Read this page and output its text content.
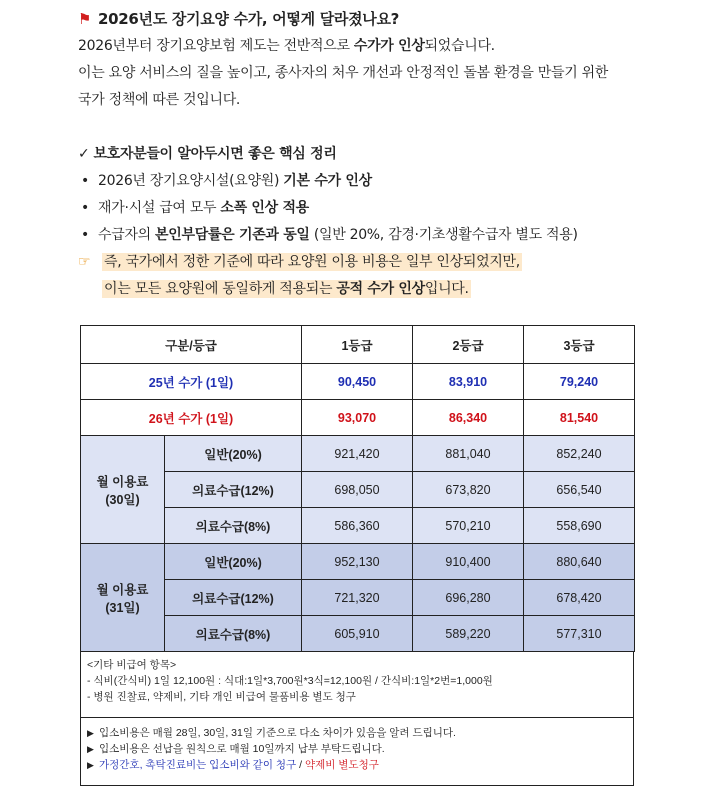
⚑ 2026년도 장기요양 수가, 어떻게 달라졌나요?
2026년부터 장기요양보험 제도는 전반적으로 수가가 인상되었습니다.
이는 요양 서비스의 질을 높이고, 종사자의 처우 개선과 안정적인 돌봄 환경을 만들기 위한
국가 정책에 따른 것입니다.
✓ 보호자분들이 알아두시면 좋은 핵심 정리
• 2026년 장기요양시설(요양원) 기본 수가 인상
• 재가·시설 급여 모두 소폭 인상 적용
• 수급자의 본인부담률은 기존과 동일 (일반 20%, 감경·기초생활수급자 별도 적용)
☞ 즉, 국가에서 정한 기준에 따라 요양원 이용 비용은 일부 인상되었지만,
이는 모든 요양원에 동일하게 적용되는 공적 수가 인상입니다.
구분/등급		1등급	2등급	3등급
25년 수가 (1일)		90,450	83,910	79,240
26년 수가 (1일)		93,070	86,340	81,540

월 이용료
(30일)	일반(20%)	921,420	881,040	852,240
	의료수급(12%)	698,050	673,820	656,540
	의료수급(8%)	586,360	570,210	558,690

월 이용료
(31일)	일반(20%)	952,130	910,400	880,640
	의료수급(12%)	721,320	696,280	678,420
	의료수급(8%)	605,910	589,220	577,310
<기타 비급여 항목>
- 식비(간식비) 1일 12,100원 : 식대:1일*3,700원*3식=12,100원 / 간식비:1일*2번=1,000원
- 병원 진찰료, 약제비, 기타 개인 비급여 물품비용 별도 청구
▶ 입소비용은 매월 28일, 30일, 31일 기준으로 다소 차이가 있음을 알려 드립니다.
▶ 입소비용은 선납을 원칙으로 매월 10일까지 납부 부탁드립니다.
▶ 가정간호, 촉탁진료비는 입소비와 같이 청구 / 약제비 별도청구
